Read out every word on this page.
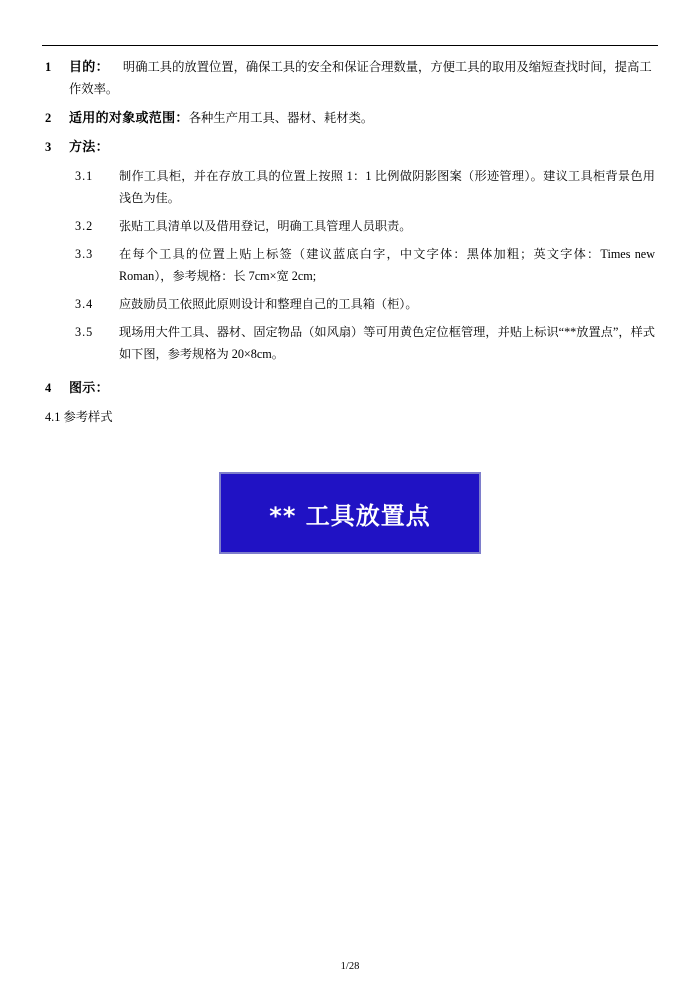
1	目的： 明确工具的放置位置，确保工具的安全和保证合理数量，方便工具的取用及缩短查找时间，提高工作效率。
2	适用的对象或范围：各种生产用工具、器材、耗材类。
3	方法：
3.1	制作工具柜，并在存放工具的位置上按照 1：1 比例做阴影图案（形迹管理）。建议工具柜背景色用浅色为佳。
3.2	张贴工具清单以及借用登记，明确工具管理人员职责。
3.3	在每个工具的位置上贴上标签（建议蓝底白字，中文字体：黑体加粗；英文字体：Times new Roman），参考规格：长 7cm×宽 2cm;
3.4	应鼓励员工依照此原则设计和整理自己的工具箱（柜）。
3.5	现场用大件工具、器材、固定物品（如风扇）等可用黄色定位框管理，并贴上标识“**放置点”，样式如下图，参考规格为 20×8cm。
4	图示：
4.1 参考样式
** 工具放置点
1/28
